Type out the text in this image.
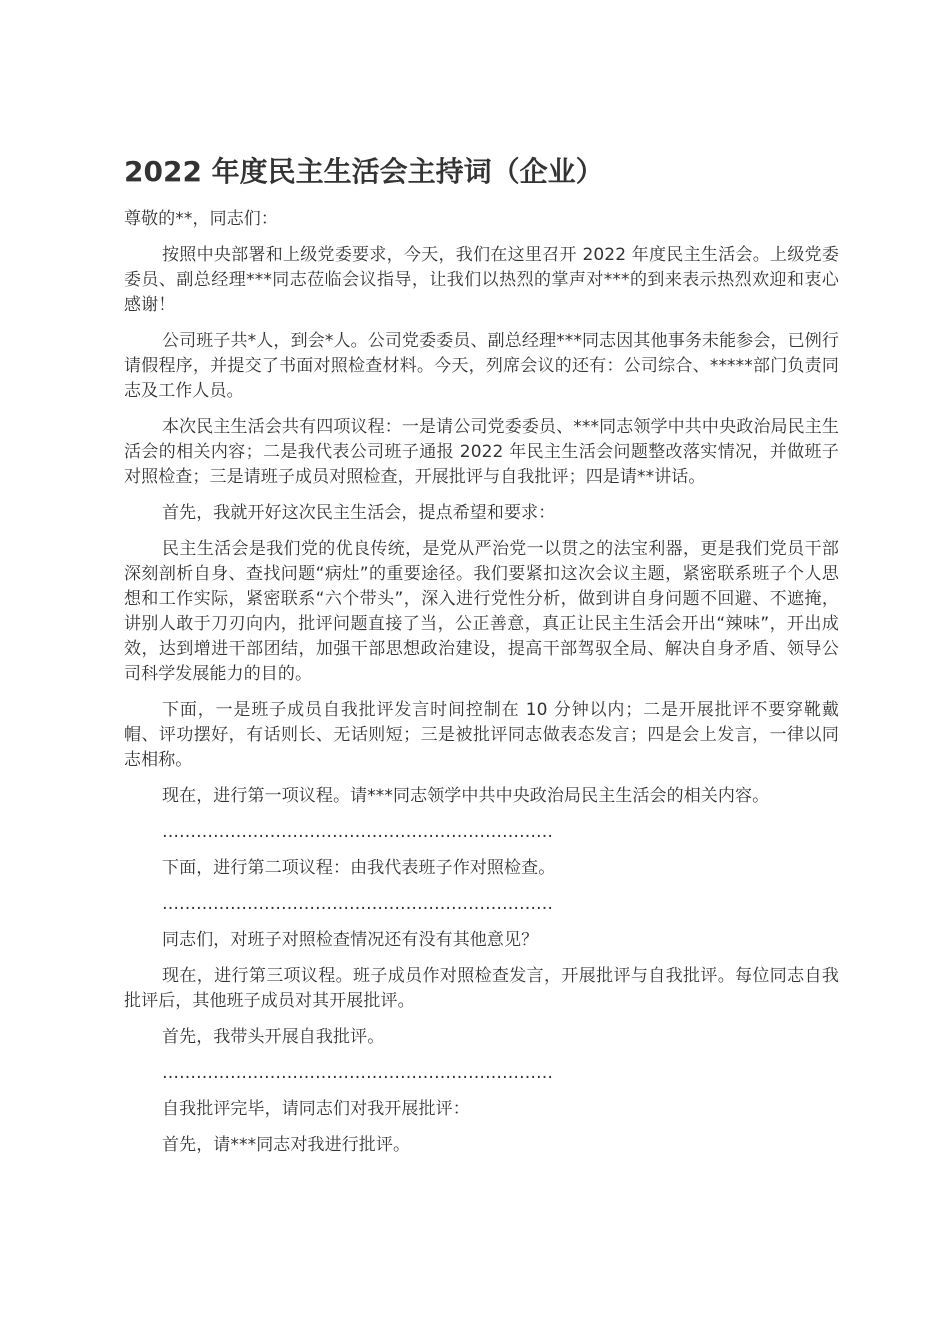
2022 年度民主生活会主持词（企业）

尊敬的**，同志们：

按照中央部署和上级党委要求，今天，我们在这里召开 2022 年度民主生活会。上级党委委员、副总经理***同志莅临会议指导，让我们以热烈的掌声对***的到来表示热烈欢迎和衷心感谢！

公司班子共*人，到会*人。公司党委委员、副总经理***同志因其他事务未能参会，已例行请假程序，并提交了书面对照检查材料。今天，列席会议的还有：公司综合、*****部门负责同志及工作人员。

本次民主生活会共有四项议程：一是请公司党委委员、***同志领学中共中央政治局民主生活会的相关内容；二是我代表公司班子通报 2022 年民主生活会问题整改落实情况，并做班子对照检查；三是请班子成员对照检查，开展批评与自我批评；四是请**讲话。

首先，我就开好这次民主生活会，提点希望和要求：

民主生活会是我们党的优良传统，是党从严治党一以贯之的法宝利器，更是我们党员干部深刻剖析自身、查找问题“病灶”的重要途径。我们要紧扣这次会议主题，紧密联系班子个人思想和工作实际，紧密联系“六个带头”，深入进行党性分析，做到讲自身问题不回避、不遮掩，讲别人敢于刀刃向内，批评问题直接了当，公正善意，真正让民主生活会开出“辣味”，开出成效，达到增进干部团结，加强干部思想政治建设，提高干部驾驭全局、解决自身矛盾、领导公司科学发展能力的目的。

下面，一是班子成员自我批评发言时间控制在 10 分钟以内；二是开展批评不要穿靴戴帽、评功摆好，有话则长、无话则短；三是被批评同志做表态发言；四是会上发言，一律以同志相称。

现在，进行第一项议程。请***同志领学中共中央政治局民主生活会的相关内容。

……………………………………………………………

下面，进行第二项议程：由我代表班子作对照检查。

……………………………………………………………

同志们，对班子对照检查情况还有没有其他意见？

现在，进行第三项议程。班子成员作对照检查发言，开展批评与自我批评。每位同志自我批评后，其他班子成员对其开展批评。

首先，我带头开展自我批评。

……………………………………………………………

自我批评完毕，请同志们对我开展批评：

首先，请***同志对我进行批评。
